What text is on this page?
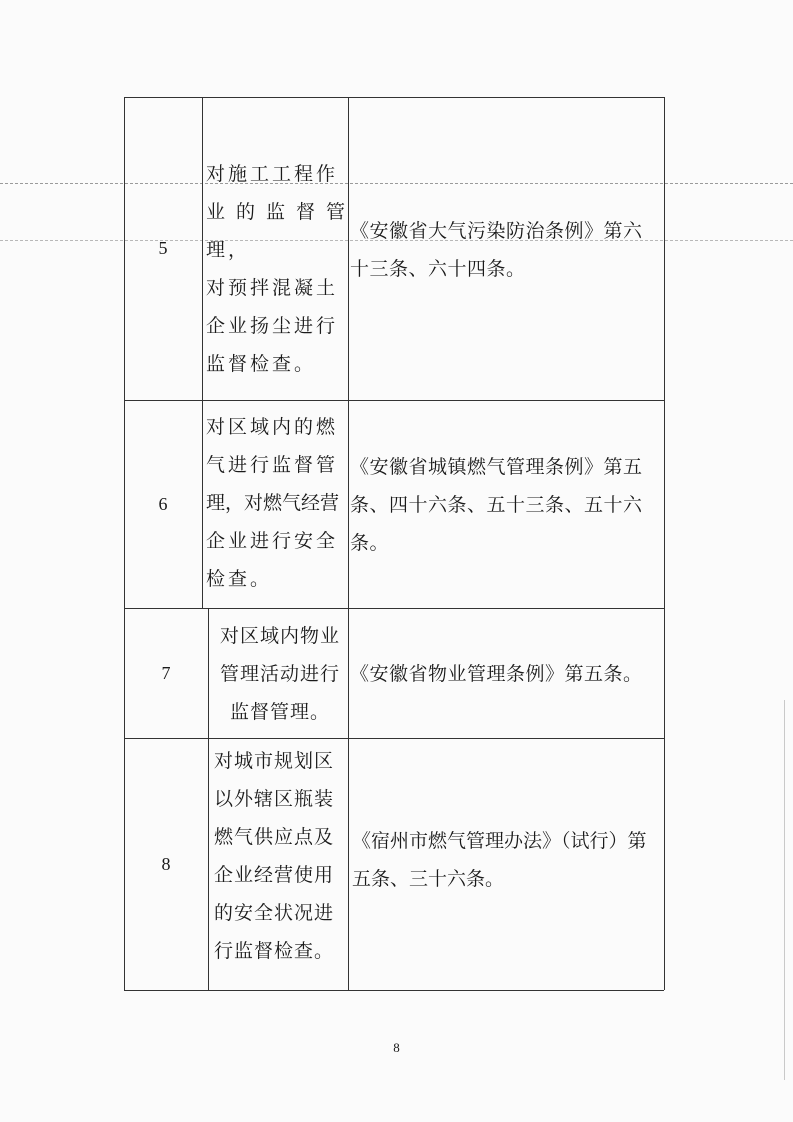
5
对施工工程作
业的监督管理，
对预拌混凝土
企业扬尘进行
监督检查。
《安徽省大气污染防治条例》第六
十三条、六十四条。
6
对区域内的燃
气进行监督管
理，对燃气经营
企业进行安全
检查。
《安徽省城镇燃气管理条例》第五
条、四十六条、五十三条、五十六
条。
7
对区域内物业
管理活动进行
监督管理。
《安徽省物业管理条例》第五条。
8
对城市规划区
以外辖区瓶装
燃气供应点及
企业经营使用
的安全状况进
行监督检查。
《宿州市燃气管理办法》（试行）第
五条、三十六条。
8
